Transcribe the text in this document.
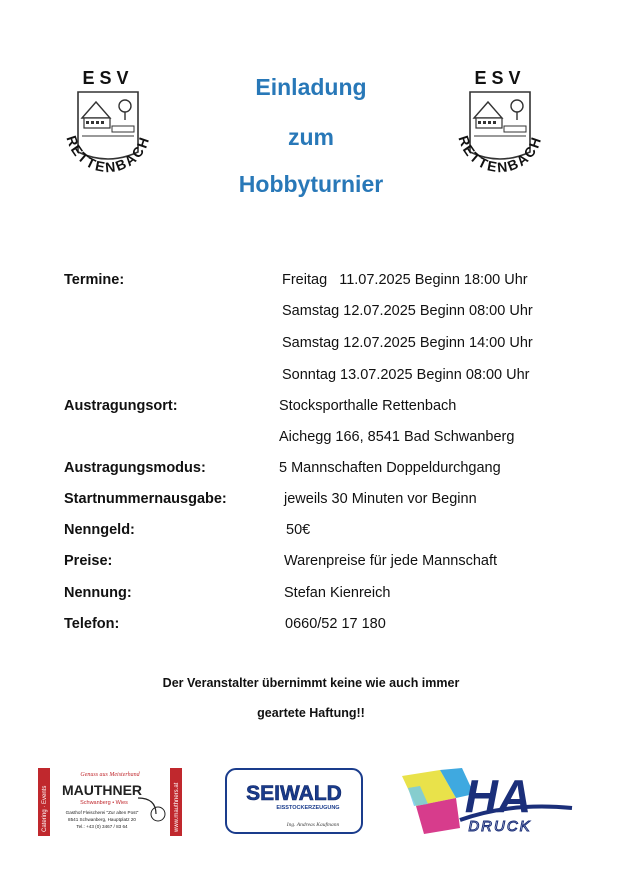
Einladung
zum
Hobbyturnier
ESV
RETTENBACH
ESV
RETTENBACH
Termine:	Freitag   11.07.2025 Beginn 18:00 Uhr
Samstag 12.07.2025 Beginn 08:00 Uhr
Samstag 12.07.2025 Beginn 14:00 Uhr
Sonntag 13.07.2025 Beginn 08:00 Uhr
Austragungsort:	Stocksporthalle Rettenbach
Aichegg 166, 8541 Bad Schwanberg
Austragungsmodus:	5 Mannschaften Doppeldurchgang
Startnummernausgabe:	jeweils 30 Minuten vor Beginn
Nenngeld:	50€
Preise:	Warenpreise für jede Mannschaft
Nennung:	Stefan Kienreich
Telefon:	0660/52 17 180
Der Veranstalter übernimmt keine wie auch immer
geartete Haftung!!
Catering · Events	www.mauthners.at
Genuss aus Meisterhand
MAUTHNER
Schwanberg • Wies
Gasthof Fleischerei "Zur alten Post"
8541 Schwanberg, Hauptplatz 20
Tel.: +43 (0) 3467 / 83 64
SEIWALD
EISSTOCKERZEUGUNG
Ing. Andreas Kaufmann
HA
DRUCK
